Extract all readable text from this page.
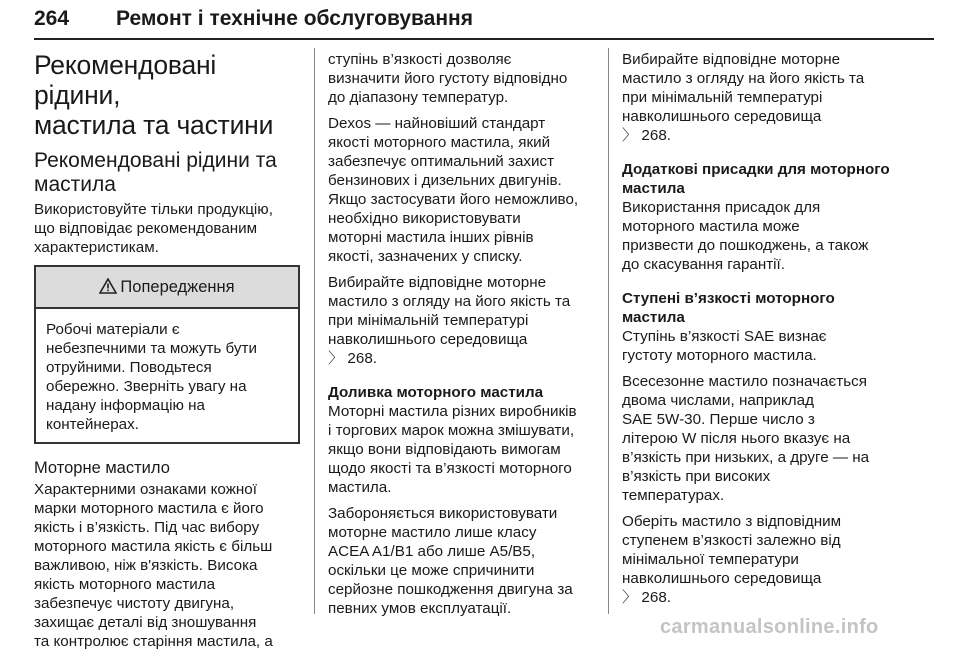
264 Ремонт і технічне обслуговування
Рекомендовані рідини,
мастила та частини
Рекомендовані рідини та
мастила

Використовуйте тільки продукцію,
що відповідає рекомендованим
характеристикам.

Попередження
Робочі матеріали є
небезпечними та можуть бути
отруйними. Поводьтеся
обережно. Зверніть увагу на
надану інформацію на
контейнерах.
Моторне мастило

Характерними ознаками кожної
марки моторного мастила є його
якість і в’язкість. Під час вибору
моторного мастила якість є більш
важливою, ніж в'язкість. Висока
якість моторного мастила
забезпечує чистоту двигуна,
захищає деталі від зношування
та контролює старіння мастила, а

ступінь в’язкості дозволяє
визначити його густоту відповідно
до діапазону температур.

Dexos — найновіший стандарт
якості моторного мастила, який
забезпечує оптимальний захист
бензинових і дизельних двигунів.
Якщо застосувати його неможливо,
необхідно використовувати
моторні мастила інших рівнів
якості, зазначених у списку.

Вибирайте відповідне моторне
мастило з огляду на його якість та
при мінімальній температурі
навколишнього середовища
〉 268.

Доливка моторного мастила

Моторні мастила різних виробників
і торгових марок можна змішувати,
якщо вони відповідають вимогам
щодо якості та в’язкості моторного
мастила.

Забороняється використовувати
моторне мастило лише класу
ACEA A1/B1 або лише A5/B5,
оскільки це може спричинити
серйозне пошкодження двигуна за
певних умов експлуатації.

Вибирайте відповідне моторне
мастило з огляду на його якість та
при мінімальній температурі
навколишнього середовища
〉 268.

Додаткові присадки для моторного
мастила

Використання присадок для
моторного мастила може
призвести до пошкоджень, а також
до скасування гарантії.

Ступені в’язкості моторного
мастила

Ступінь в’язкості SAE визнає
густоту моторного мастила.

Всесезонне мастило позначається
двома числами, наприклад
SAE 5W-30. Перше число з
літерою W після нього вказує на
в’язкість при низьких, а друге — на
в’язкість при високих
температурах.

Оберіть мастило з відповідним
ступенем в’язкості залежно від
мінімальної температури
навколишнього середовища
〉 268.

carmanualsonline.info
